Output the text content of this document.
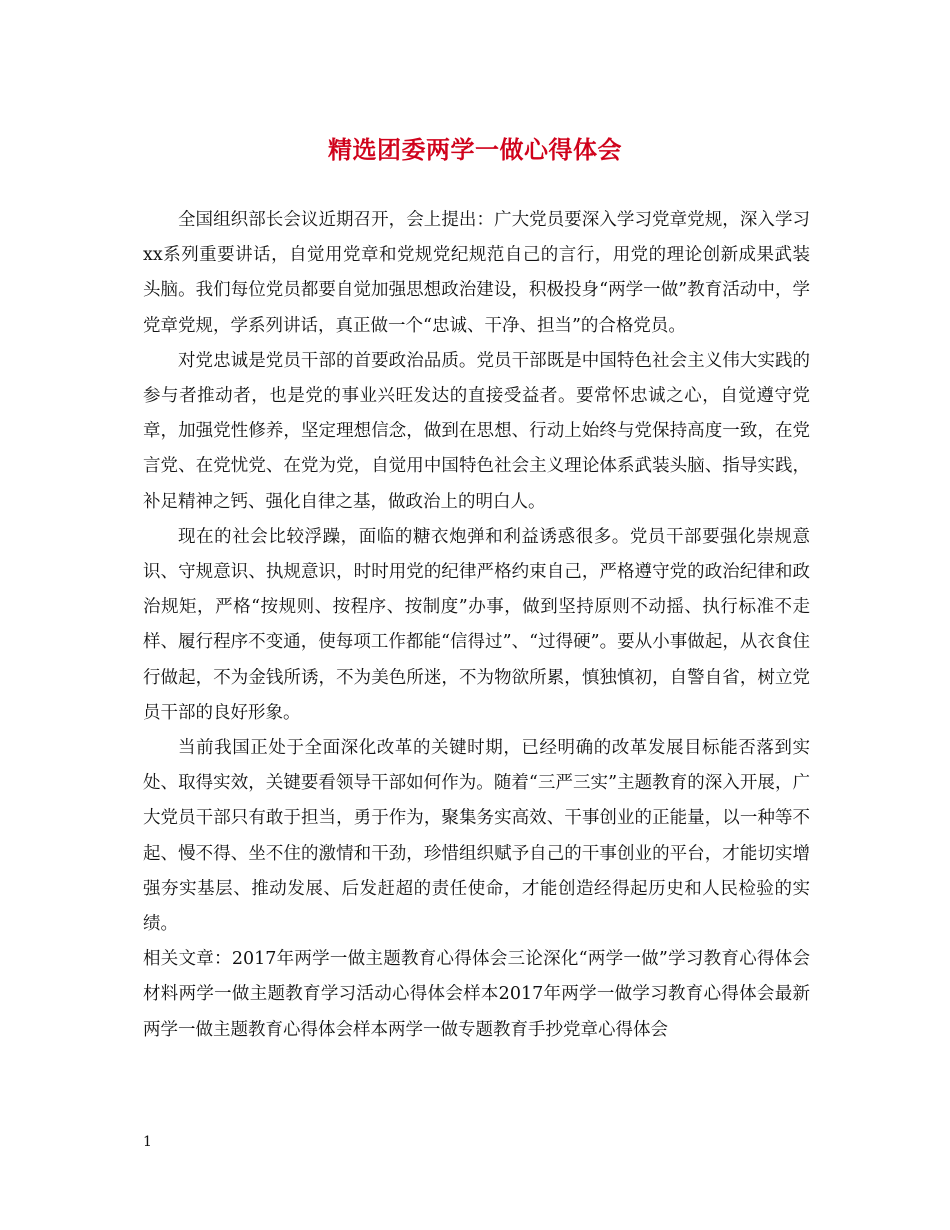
精选团委两学一做心得体会

全国组织部长会议近期召开，会上提出：广大党员要深入学习党章党规，深入学习xx系列重要讲话，自觉用党章和党规党纪规范自己的言行，用党的理论创新成果武装头脑。我们每位党员都要自觉加强思想政治建设，积极投身“两学一做”教育活动中，学党章党规，学系列讲话，真正做一个“忠诚、干净、担当”的合格党员。

对党忠诚是党员干部的首要政治品质。党员干部既是中国特色社会主义伟大实践的参与者推动者，也是党的事业兴旺发达的直接受益者。要常怀忠诚之心，自觉遵守党章，加强党性修养，坚定理想信念，做到在思想、行动上始终与党保持高度一致，在党言党、在党忧党、在党为党，自觉用中国特色社会主义理论体系武装头脑、指导实践，补足精神之钙、强化自律之基，做政治上的明白人。

现在的社会比较浮躁，面临的糖衣炮弹和利益诱惑很多。党员干部要强化崇规意识、守规意识、执规意识，时时用党的纪律严格约束自己，严格遵守党的政治纪律和政治规矩，严格“按规则、按程序、按制度”办事，做到坚持原则不动摇、执行标准不走样、履行程序不变通，使每项工作都能“信得过”、“过得硬”。要从小事做起，从衣食住行做起，不为金钱所诱，不为美色所迷，不为物欲所累，慎独慎初，自警自省，树立党员干部的良好形象。

当前我国正处于全面深化改革的关键时期，已经明确的改革发展目标能否落到实处、取得实效，关键要看领导干部如何作为。随着“三严三实”主题教育的深入开展，广大党员干部只有敢于担当，勇于作为，聚集务实高效、干事创业的正能量，以一种等不起、慢不得、坐不住的激情和干劲，珍惜组织赋予自己的干事创业的平台，才能切实增强夯实基层、推动发展、后发赶超的责任使命，才能创造经得起历史和人民检验的实绩。

相关文章：2017年两学一做主题教育心得体会三论深化“两学一做”学习教育心得体会材料两学一做主题教育学习活动心得体会样本2017年两学一做学习教育心得体会最新两学一做主题教育心得体会样本两学一做专题教育手抄党章心得体会

1
